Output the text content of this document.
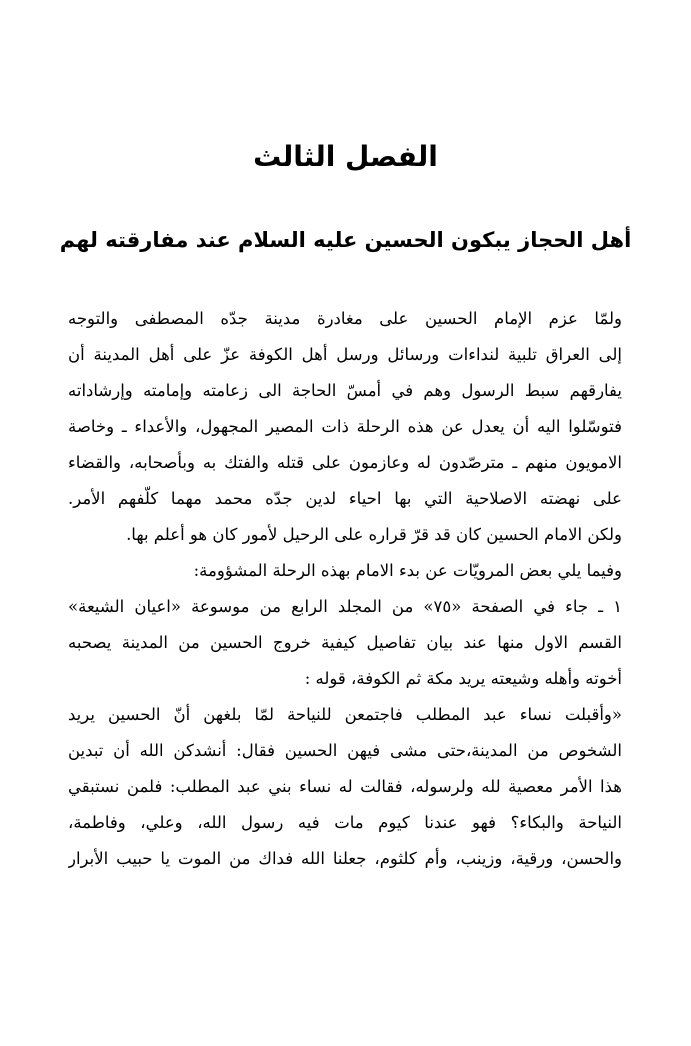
الفصل الثالث
أهل الحجاز يبكون الحسين عليه السلام عند مفارقته لهم
ولمّا عزم الإمام الحسين على مغادرة مدينة جدّه المصطفى والتوجه
إلى العراق تلبية لنداءات ورسائل ورسل أهل الكوفة عزّ على أهل المدينة أن
يفارقهم سبط الرسول وهم في أمسّ الحاجة الى زعامته وإمامته وإرشاداته
فتوسّلوا اليه أن يعدل عن هذه الرحلة ذات المصير المجهول، والأعداء ـ وخاصة
الامويون منهم ـ مترصّدون له وعازمون على قتله والفتك به وبأصحابه، والقضاء
على نهضته الاصلاحية التي بها احياء لدين جدّه محمد مهما كلّفهم الأمر.
ولكن الامام الحسين كان قد قرّ قراره على الرحيل لأمور كان هو أعلم بها.
وفيما يلي بعض المرويّات عن بدء الامام بهذه الرحلة المشؤومة:
١ ـ جاء في الصفحة «٧٥» من المجلد الرابع من موسوعة «اعيان الشيعة»
القسم الاول منها عند بيان تفاصيل كيفية خروج الحسين من المدينة يصحبه
أخوته وأهله وشيعته يريد مكة ثم الكوفة، قوله :
«وأقبلت نساء عبد المطلب فاجتمعن للنياحة لمّا بلغهن أنّ الحسين يريد
الشخوص من المدينة،حتى مشى فيهن الحسين فقال: أنشدكن الله أن تبدين
هذا الأمر معصية لله ولرسوله، فقالت له نساء بني عبد المطلب: فلمن نستبقي
النياحة والبكاء؟ فهو عندنا كيوم مات فيه رسول الله، وعلي، وفاطمة،
والحسن، ورقية، وزينب، وأم كلثوم، جعلنا الله فداك من الموت يا حبيب الأبرار
